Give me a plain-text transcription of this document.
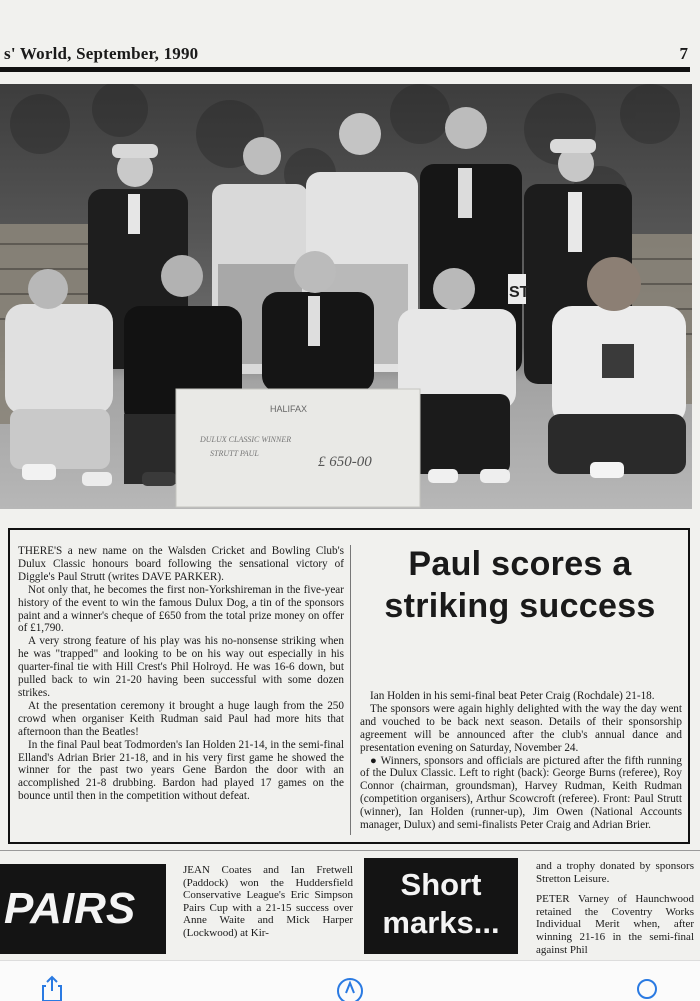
s' World, September, 1990	7
ST
HALIFAX
DULUX CLASSIC WINNER
STRUTT PAUL
£ 650-00

THERE'S a new name on the Walsden Cricket and Bowling Club's Dulux Classic honours board following the sensational victory of Diggle's Paul Strutt (writes DAVE PARKER).

Not only that, he becomes the first non-Yorkshireman in the five-year history of the event to win the famous Dulux Dog, a tin of the sponsors paint and a winner's cheque of £650 from the total prize money on offer of £1,790.

A very strong feature of his play was his no-nonsense striking when he was "trapped" and looking to be on his way out especially in his quarter-final tie with Hill Crest's Phil Holroyd. He was 16-6 down, but pulled back to win 21-20 having been successful with some dozen strikes.

At the presentation ceremony it brought a huge laugh from the 250 crowd when organiser Keith Rudman said Paul had more hits that afternoon than the Beatles!

In the final Paul beat Todmorden's Ian Holden 21-14, in the semi-final Elland's Adrian Brier 21-18, and in his very first game he showed the winner for the past two years Gene Bardon the door with an accomplished 21-8 drubbing. Bardon had played 17 games on the bounce until then in the competition without defeat.

Paul scores a
striking success

Ian Holden in his semi-final beat Peter Craig (Rochdale) 21-18.

The sponsors were again highly delighted with the way the day went and vouched to be back next season. Details of their sponsorship agreement will be announced after the club's annual dance and presentation evening on Saturday, November 24.

● Winners, sponsors and officials are pictured after the fifth running of the Dulux Classic. Left to right (back): George Burns (referee), Roy Connor (chairman, groundsman), Harvey Rudman, Keith Rudman (competition organisers), Arthur Scowcroft (referee). Front: Paul Strutt (winner), Ian Holden (runner-up), Jim Owen (National Accounts manager, Dulux) and semi-finalists Peter Craig and Adrian Brier.

PAIRS
JEAN Coates and Ian Fretwell (Paddock) won the Huddersfield Conservative League's Eric Simpson Pairs Cup with a 21-15 success over Anne Waite and Mick Harper (Lockwood) at Kir-
Short
marks...

and a trophy donated by sponsors Stretton Leisure.

PETER Varney of Haunchwood retained the Coventry Works Individual Merit when, after winning 21-16 in the semi-final against Phil
